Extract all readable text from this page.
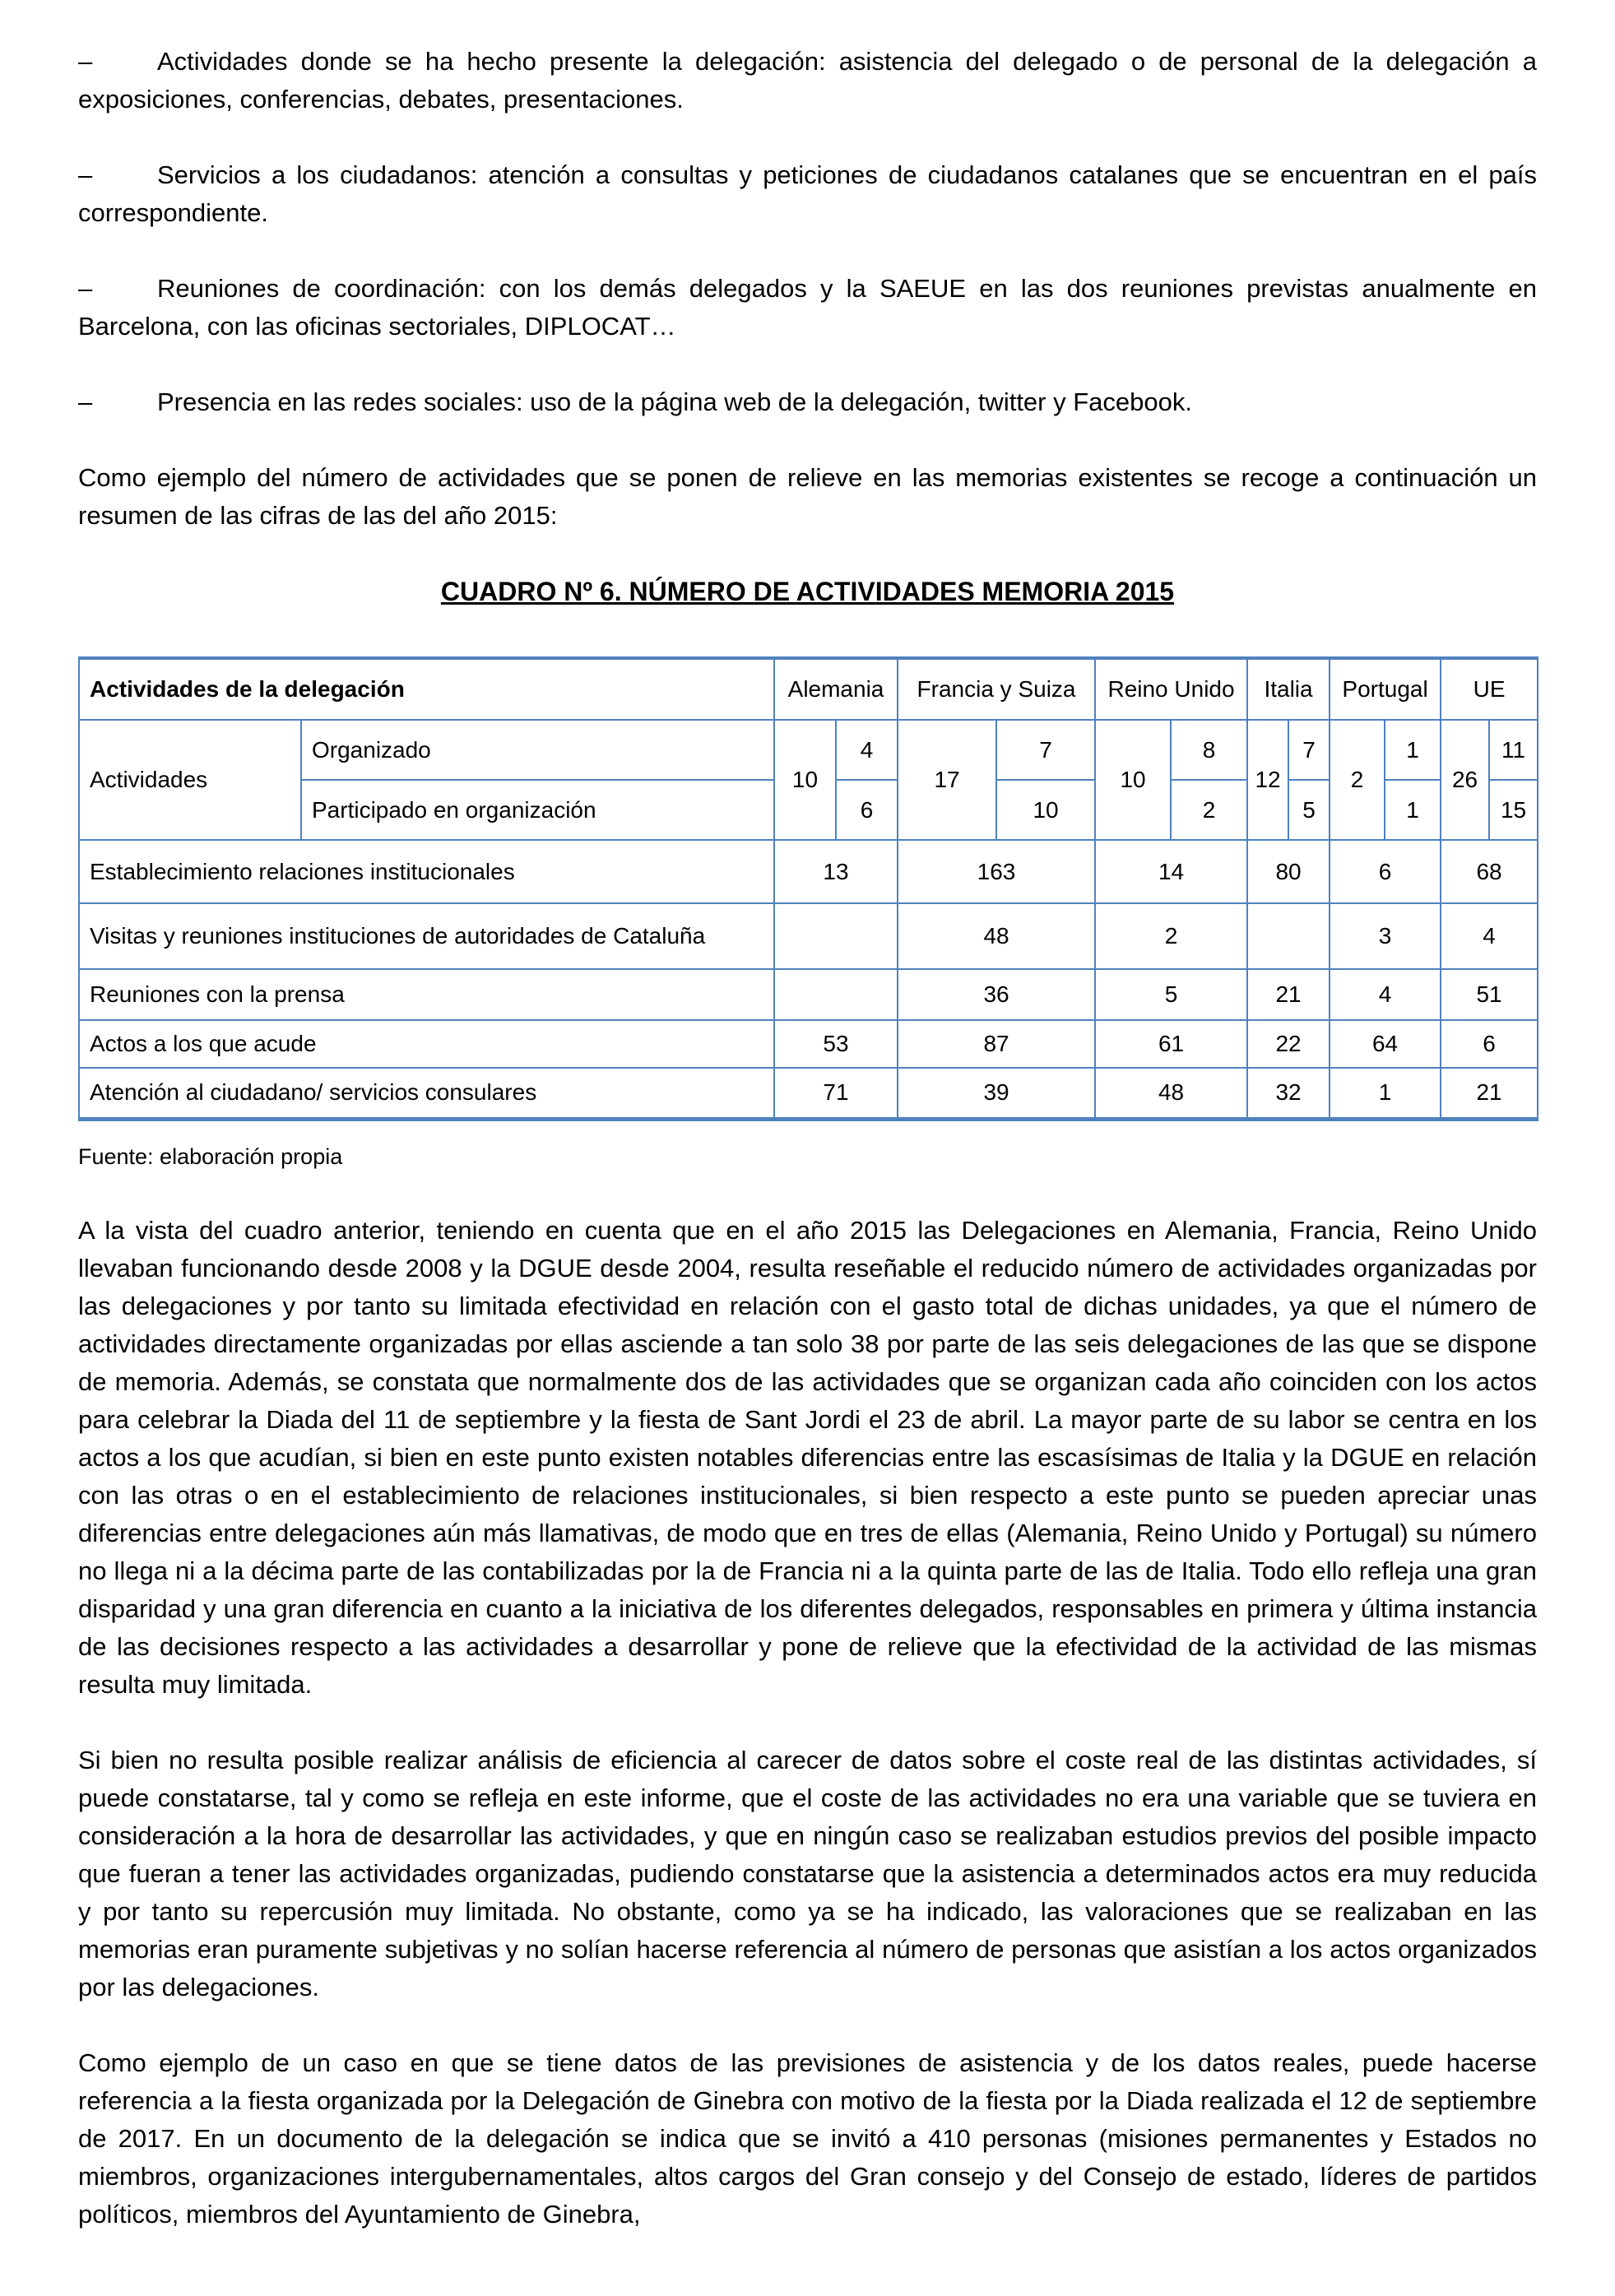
–	Actividades donde se ha hecho presente la delegación: asistencia del delegado o de personal de la delegación a exposiciones, conferencias, debates, presentaciones.

–	Servicios a los ciudadanos: atención a consultas y peticiones de ciudadanos catalanes que se encuentran en el país correspondiente.

–	Reuniones de coordinación: con los demás delegados y la SAEUE en las dos reuniones previstas anualmente en Barcelona, con las oficinas sectoriales, DIPLOCAT…

–	Presencia en las redes sociales: uso de la página web de la delegación, twitter y Facebook.

Como ejemplo del número de actividades que se ponen de relieve en las memorias existentes se recoge a continuación un resumen de las cifras de las del año 2015:

CUADRO Nº 6. NÚMERO DE ACTIVIDADES MEMORIA 2015
Actividades de la delegación		Alemania		Francia y Suiza		Reino Unido		Italia		Portugal		UE	
Actividades	Organizado	10	4	17	7	10	8	12	7	2	1	26	11
	Participado en organización		6		10		2		5		1		15
Establecimiento relaciones institucionales		13		163		14		80		6		68	
Visitas y reuniones instituciones de autoridades de Cataluña				48		2				3		4	
Reuniones con la prensa				36		5		21		4		51	
Actos a los que acude		53		87		61		22		64		6	
Atención al ciudadano/ servicios consulares		71		39		48		32		1		21	

Fuente: elaboración propia

A la vista del cuadro anterior, teniendo en cuenta que en el año 2015 las Delegaciones en Alemania, Francia, Reino Unido llevaban funcionando desde 2008 y la DGUE desde 2004, resulta reseñable el reducido número de actividades organizadas por las delegaciones y por tanto su limitada efectividad en relación con el gasto total de dichas unidades, ya que el número de actividades directamente organizadas por ellas asciende a tan solo 38 por parte de las seis delegaciones de las que se dispone de memoria. Además, se constata que normalmente dos de las actividades que se organizan cada año coinciden con los actos para celebrar la Diada del 11 de septiembre y la fiesta de Sant Jordi el 23 de abril. La mayor parte de su labor se centra en los actos a los que acudían, si bien en este punto existen notables diferencias entre las escasísimas de Italia y la DGUE en relación con las otras o en el establecimiento de relaciones institucionales, si bien respecto a este punto se pueden apreciar unas diferencias entre delegaciones aún más llamativas, de modo que en tres de ellas (Alemania, Reino Unido y Portugal) su número no llega ni a la décima parte de las contabilizadas por la de Francia ni a la quinta parte de las de Italia. Todo ello refleja una gran disparidad y una gran diferencia en cuanto a la iniciativa de los diferentes delegados, responsables en primera y última instancia de las decisiones respecto a las actividades a desarrollar y pone de relieve que la efectividad de la actividad de las mismas resulta muy limitada.

Si bien no resulta posible realizar análisis de eficiencia al carecer de datos sobre el coste real de las distintas actividades, sí puede constatarse, tal y como se refleja en este informe, que el coste de las actividades no era una variable que se tuviera en consideración a la hora de desarrollar las actividades, y que en ningún caso se realizaban estudios previos del posible impacto que fueran a tener las actividades organizadas, pudiendo constatarse que la asistencia a determinados actos era muy reducida y por tanto su repercusión muy limitada. No obstante, como ya se ha indicado, las valoraciones que se realizaban en las memorias eran puramente subjetivas y no solían hacerse referencia al número de personas que asistían a los actos organizados por las delegaciones.

Como ejemplo de un caso en que se tiene datos de las previsiones de asistencia y de los datos reales, puede hacerse referencia a la fiesta organizada por la Delegación de Ginebra con motivo de la fiesta por la Diada realizada el 12 de septiembre de 2017. En un documento de la delegación se indica que se invitó a 410 personas (misiones permanentes y Estados no miembros, organizaciones intergubernamentales, altos cargos del Gran consejo y del Consejo de estado, líderes de partidos políticos, miembros del Ayuntamiento de Ginebra,
